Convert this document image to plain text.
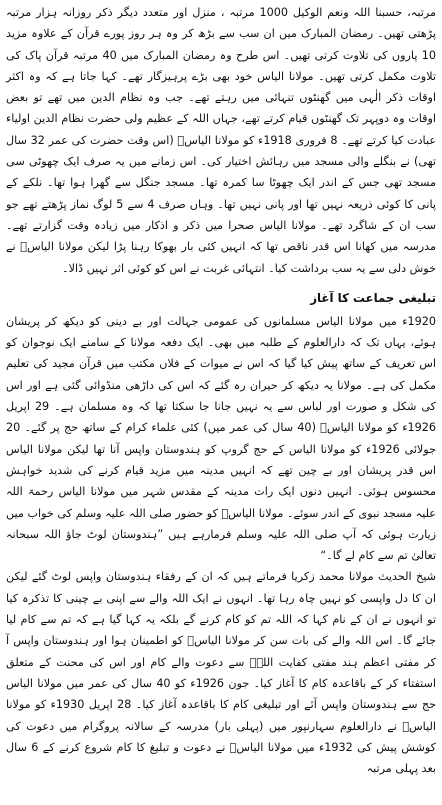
مرتبہ، حسبنا اللہ ونعم الوکیل 1000 مرتبہ ، منزل اور متعدد دیگر ذکر روزانہ ہزار مرتبہ پڑھتی تھیں۔ رمضان المبارک میں ان سب سے بڑھ کر وہ ہر روز پورے قرآن کے علاوہ مزید 10 پاروں کی تلاوت کرتی تھیں۔ اس طرح وہ رمضان المبارک میں 40 مرتبہ قرآن پاک کی تلاوت مکمل کرتی تھیں۔ مولانا الیاس خود بھی بڑے پرہیزگار تھے۔ کہا جاتا ہے کہ وہ اکثر اوقات ذکر الٰہی میں گھنٹوں تنہائی میں رہتے تھے۔ جب وہ نظام الدین میں تھے تو بعض اوقات وہ دوپہر تک گھنٹوں قیام کرتے تھے، جہاں اللہ کے عظیم ولی حضرت نظام الدین اولیاء عبادت کیا کرتے تھے۔ 8 فروری 1918ء کو مولانا الیاسؒ (اس وقت حضرت کی عمر 32 سال تھی) نے بنگلے والی مسجد میں رہائش اختیار کی۔ اس زمانے میں یہ صرف ایک چھوٹی سی مسجد تھی جس کے اندر ایک چھوٹا سا کمرہ تھا۔ مسجد جنگل سے گھرا ہوا تھا۔ نلکے کے پانی کا کوئی ذریعہ نہیں تھا اور پانی نہیں تھا۔ وہاں صرف 4 سے 5 لوگ نماز پڑھتے تھے جو سب ان کے شاگرد تھے۔ مولانا الیاس صحرا میں ذکر و اذکار میں زیادہ وقت گزارتے تھے۔ مدرسہ میں کھانا اس قدر ناقص تھا کہ انہیں کئی بار بھوکا رہنا پڑا لیکن مولانا الیاسؒ نے خوش دلی سے یہ سب برداشت کیا۔ انتہائی غربت نے اس کو کوئی اثر نہیں ڈالا۔

تبلیغی جماعت کا آغاز

1920ء میں مولانا الیاس مسلمانوں کی عمومی جہالت اور بے دینی کو دیکھ کر پریشان ہوئے، یہاں تک کہ دارالعلوم کے طلبہ میں بھی۔ ایک دفعہ مولانا کے سامنے ایک نوجوان کو اس تعریف کے ساتھ پیش کیا گیا کہ اس نے میوات کے فلاں مکتب میں قرآن مجید کی تعلیم مکمل کی ہے۔ مولانا یہ دیکھ کر حیران رہ گئے کہ اس کی داڑھی منڈوائی گئی ہے اور اس کی شکل و صورت اور لباس سے یہ نہیں جانا جا سکتا تھا کہ وہ مسلمان ہے۔ 29 اپریل 1926ء کو مولانا الیاسؒ (40 سال کی عمر میں) کئی علماء کرام کے ساتھ حج پر گئے۔ 20 جولائی 1926ء کو مولانا الیاس کے حج گروپ کو ہندوستان واپس آنا تھا لیکن مولانا الیاس اس قدر پریشان اور بے چین تھے کہ انہیں مدینہ میں مزید قیام کرنے کی شدید خواہش محسوس ہوئی۔ انہیں دنوں ایک رات مدینہ کے مقدس شہر میں مولانا الیاس رحمۃ اللہ علیہ مسجد نبوی کے اندر سوئے۔ مولانا الیاسؒ کو حضور صلی اللہ علیہ وسلم کی خواب میں زیارت ہوئی کہ آپ صلی اللہ علیہ وسلم فرمارہے ہیں ”ہندوستان لوٹ جاؤ اللہ سبحانہ تعالیٰ تم سے کام لے گا۔“

شیخ الحدیث مولانا محمد زکریا فرماتے ہیں کہ ان کے رفقاء ہندوستان واپس لوٹ گئے لیکن ان کا دل واپسی کو نہیں چاہ رہا تھا۔ انہوں نے ایک اللہ والے سے اپنی بے چینی کا تذکرہ کیا تو انہوں نے ان کے نام کہا کہ اللہ تم کو کام کرنے گے بلکہ یہ کہا گیا ہے کہ تم سے کام لیا جائے گا۔ اس اللہ والے کی بات سن کر مولانا الیاسؒ کو اطمینان ہوا اور ہندوستان واپس آ کر مفتی اعظم ہند مفتی کفایت اللہؒ سے دعوت والے کام اور اس کی محنت کے متعلق استفتاء کر کے باقاعدہ کام کا آغاز کیا۔ جون 1926ء کو 40 سال کی عمر میں مولانا الیاس حج سے ہندوستان واپس آئے اور تبلیغی کام کا باقاعدہ آغاز کیا۔ 28 اپریل 1930ء کو مولانا الیاسؒ نے دارالعلوم سہارنپور میں (پہلی بار) مدرسہ کے سالانہ پروگرام میں دعوت کی کوشش پیش کی 1932ء میں مولانا الیاسؒ نے دعوت و تبلیغ کا کام شروع کرنے کے 6 سال بعد پہلی مرتبہ
